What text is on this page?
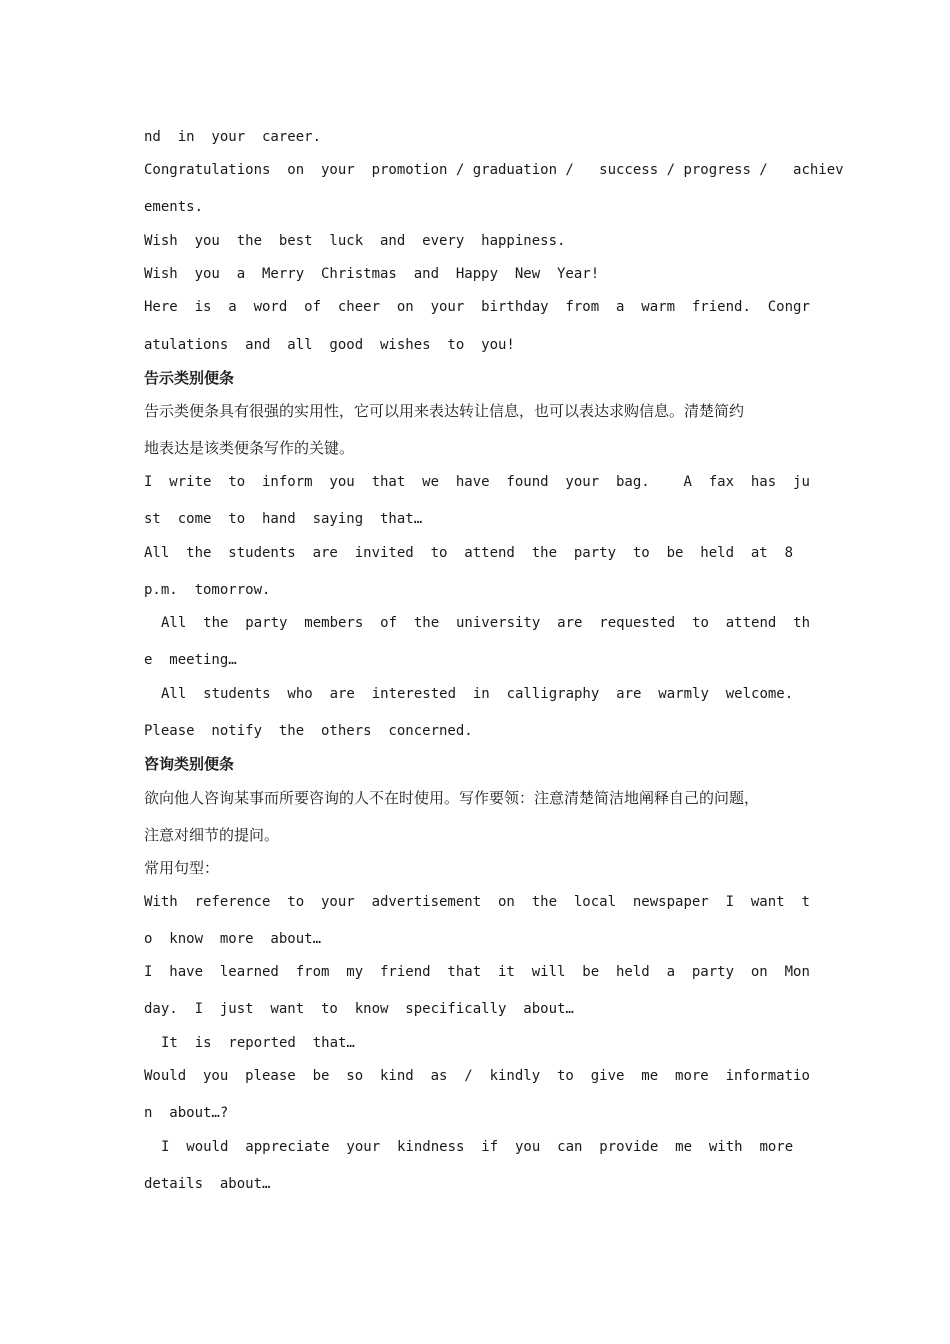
nd  in  your  career.
Congratulations  on  your  promotion / graduation /   success / progress /   achiev
ements.
Wish  you  the  best  luck  and  every  happiness.
Wish  you  a  Merry  Christmas  and  Happy  New  Year!
Here  is  a  word  of  cheer  on  your  birthday  from  a  warm  friend.  Congr
atulations  and  all  good  wishes  to  you!
告示类别便条
告示类便条具有很强的实用性，它可以用来表达转让信息，也可以表达求购信息。清楚简约
地表达是该类便条写作的关键。
I  write  to  inform  you  that  we  have  found  your  bag.    A  fax  has  ju
st  come  to  hand  saying  that…
All  the  students  are  invited  to  attend  the  party  to  be  held  at  8
p.m.  tomorrow.
All  the  party  members  of  the  university  are  requested  to  attend  th
e  meeting…
All  students  who  are  interested  in  calligraphy  are  warmly  welcome.
Please  notify  the  others  concerned.
咨询类别便条
欲向他人咨询某事而所要咨询的人不在时使用。写作要领：注意清楚简洁地阐释自己的问题，
注意对细节的提问。
常用句型：
With  reference  to  your  advertisement  on  the  local  newspaper  I  want  t
o  know  more  about…
I  have  learned  from  my  friend  that  it  will  be  held  a  party  on  Mon
day.  I  just  want  to  know  specifically  about…
It  is  reported  that…
Would  you  please  be  so  kind  as  /  kindly  to  give  me  more  informatio
n  about…?
I  would  appreciate  your  kindness  if  you  can  provide  me  with  more
details  about…
